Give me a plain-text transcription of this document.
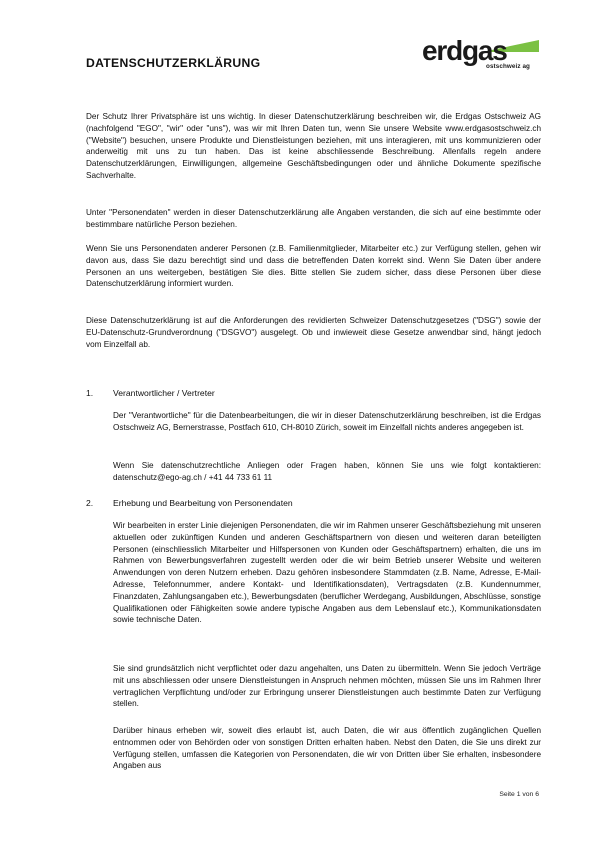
DATENSCHUTZERKLÄRUNG	erdgas
ostschweiz ag

Der Schutz Ihrer Privatsphäre ist uns wichtig. In dieser Datenschutzerklärung beschreiben wir, die Erdgas Ostschweiz AG (nachfolgend "EGO", "wir" oder "uns"), was wir mit Ihren Daten tun, wenn Sie unsere Website www.erdgasostschweiz.ch ("Website") besuchen, unsere Produkte und Dienstleistungen beziehen, mit uns interagieren, mit uns kommunizieren oder anderweitig mit uns zu tun haben. Das ist keine abschliessende Beschreibung. Allenfalls regeln andere Datenschutzerklärungen, Einwilligungen, allgemeine Geschäftsbedingungen oder und ähnliche Dokumente spezifische Sachverhalte.

Unter "Personendaten" werden in dieser Datenschutzerklärung alle Angaben verstanden, die sich auf eine bestimmte oder bestimmbare natürliche Person beziehen.

Wenn Sie uns Personendaten anderer Personen (z.B. Familienmitglieder, Mitarbeiter etc.) zur Verfügung stellen, gehen wir davon aus, dass Sie dazu berechtigt sind und dass die betreffenden Daten korrekt sind. Wenn Sie Daten über andere Personen an uns weitergeben, bestätigen Sie dies. Bitte stellen Sie zudem sicher, dass diese Personen über diese Datenschutzerklärung informiert wurden.

Diese Datenschutzerklärung ist auf die Anforderungen des revidierten Schweizer Datenschutzgesetzes ("DSG") sowie der EU-Datenschutz-Grundverordnung ("DSGVO") ausgelegt. Ob und inwieweit diese Gesetze anwendbar sind, hängt jedoch vom Einzelfall ab.

1. Verantwortlicher / Vertreter

Der "Verantwortliche" für die Datenbearbeitungen, die wir in dieser Datenschutzerklärung beschreiben, ist die Erdgas Ostschweiz AG, Bernerstrasse, Postfach 610, CH-8010 Zürich, soweit im Einzelfall nichts anderes angegeben ist.

Wenn Sie datenschutzrechtliche Anliegen oder Fragen haben, können Sie uns wie folgt kontaktieren: datenschutz@ego-ag.ch / +41 44 733 61 11

2. Erhebung und Bearbeitung von Personendaten

Wir bearbeiten in erster Linie diejenigen Personendaten, die wir im Rahmen unserer Geschäftsbeziehung mit unseren aktuellen oder zukünftigen Kunden und anderen Geschäftspartnern von diesen und weiteren daran beteiligten Personen (einschliesslich Mitarbeiter und Hilfspersonen von Kunden oder Geschäftspartnern) erhalten, die uns im Rahmen von Bewerbungsverfahren zugestellt werden oder die wir beim Betrieb unserer Website und weiteren Anwendungen von deren Nutzern erheben. Dazu gehören insbesondere Stammdaten (z.B. Name, Adresse, E-Mail-Adresse, Telefonnummer, andere Kontakt- und Identifikationsdaten), Vertragsdaten (z.B. Kundennummer, Finanzdaten, Zahlungsangaben etc.), Bewerbungsdaten (beruflicher Werdegang, Ausbildungen, Abschlüsse, sonstige Qualifikationen oder Fähigkeiten sowie andere typische Angaben aus dem Lebenslauf etc.), Kommunikationsdaten sowie technische Daten.

Sie sind grundsätzlich nicht verpflichtet oder dazu angehalten, uns Daten zu übermitteln. Wenn Sie jedoch Verträge mit uns abschliessen oder unsere Dienstleistungen in Anspruch nehmen möchten, müssen Sie uns im Rahmen Ihrer vertraglichen Verpflichtung und/oder zur Erbringung unserer Dienstleistungen auch bestimmte Daten zur Verfügung stellen.

Darüber hinaus erheben wir, soweit dies erlaubt ist, auch Daten, die wir aus öffentlich zugänglichen Quellen entnommen oder von Behörden oder von sonstigen Dritten erhalten haben. Nebst den Daten, die Sie uns direkt zur Verfügung stellen, umfassen die Kategorien von Personendaten, die wir von Dritten über Sie erhalten, insbesondere Angaben aus

Seite 1 von 6
